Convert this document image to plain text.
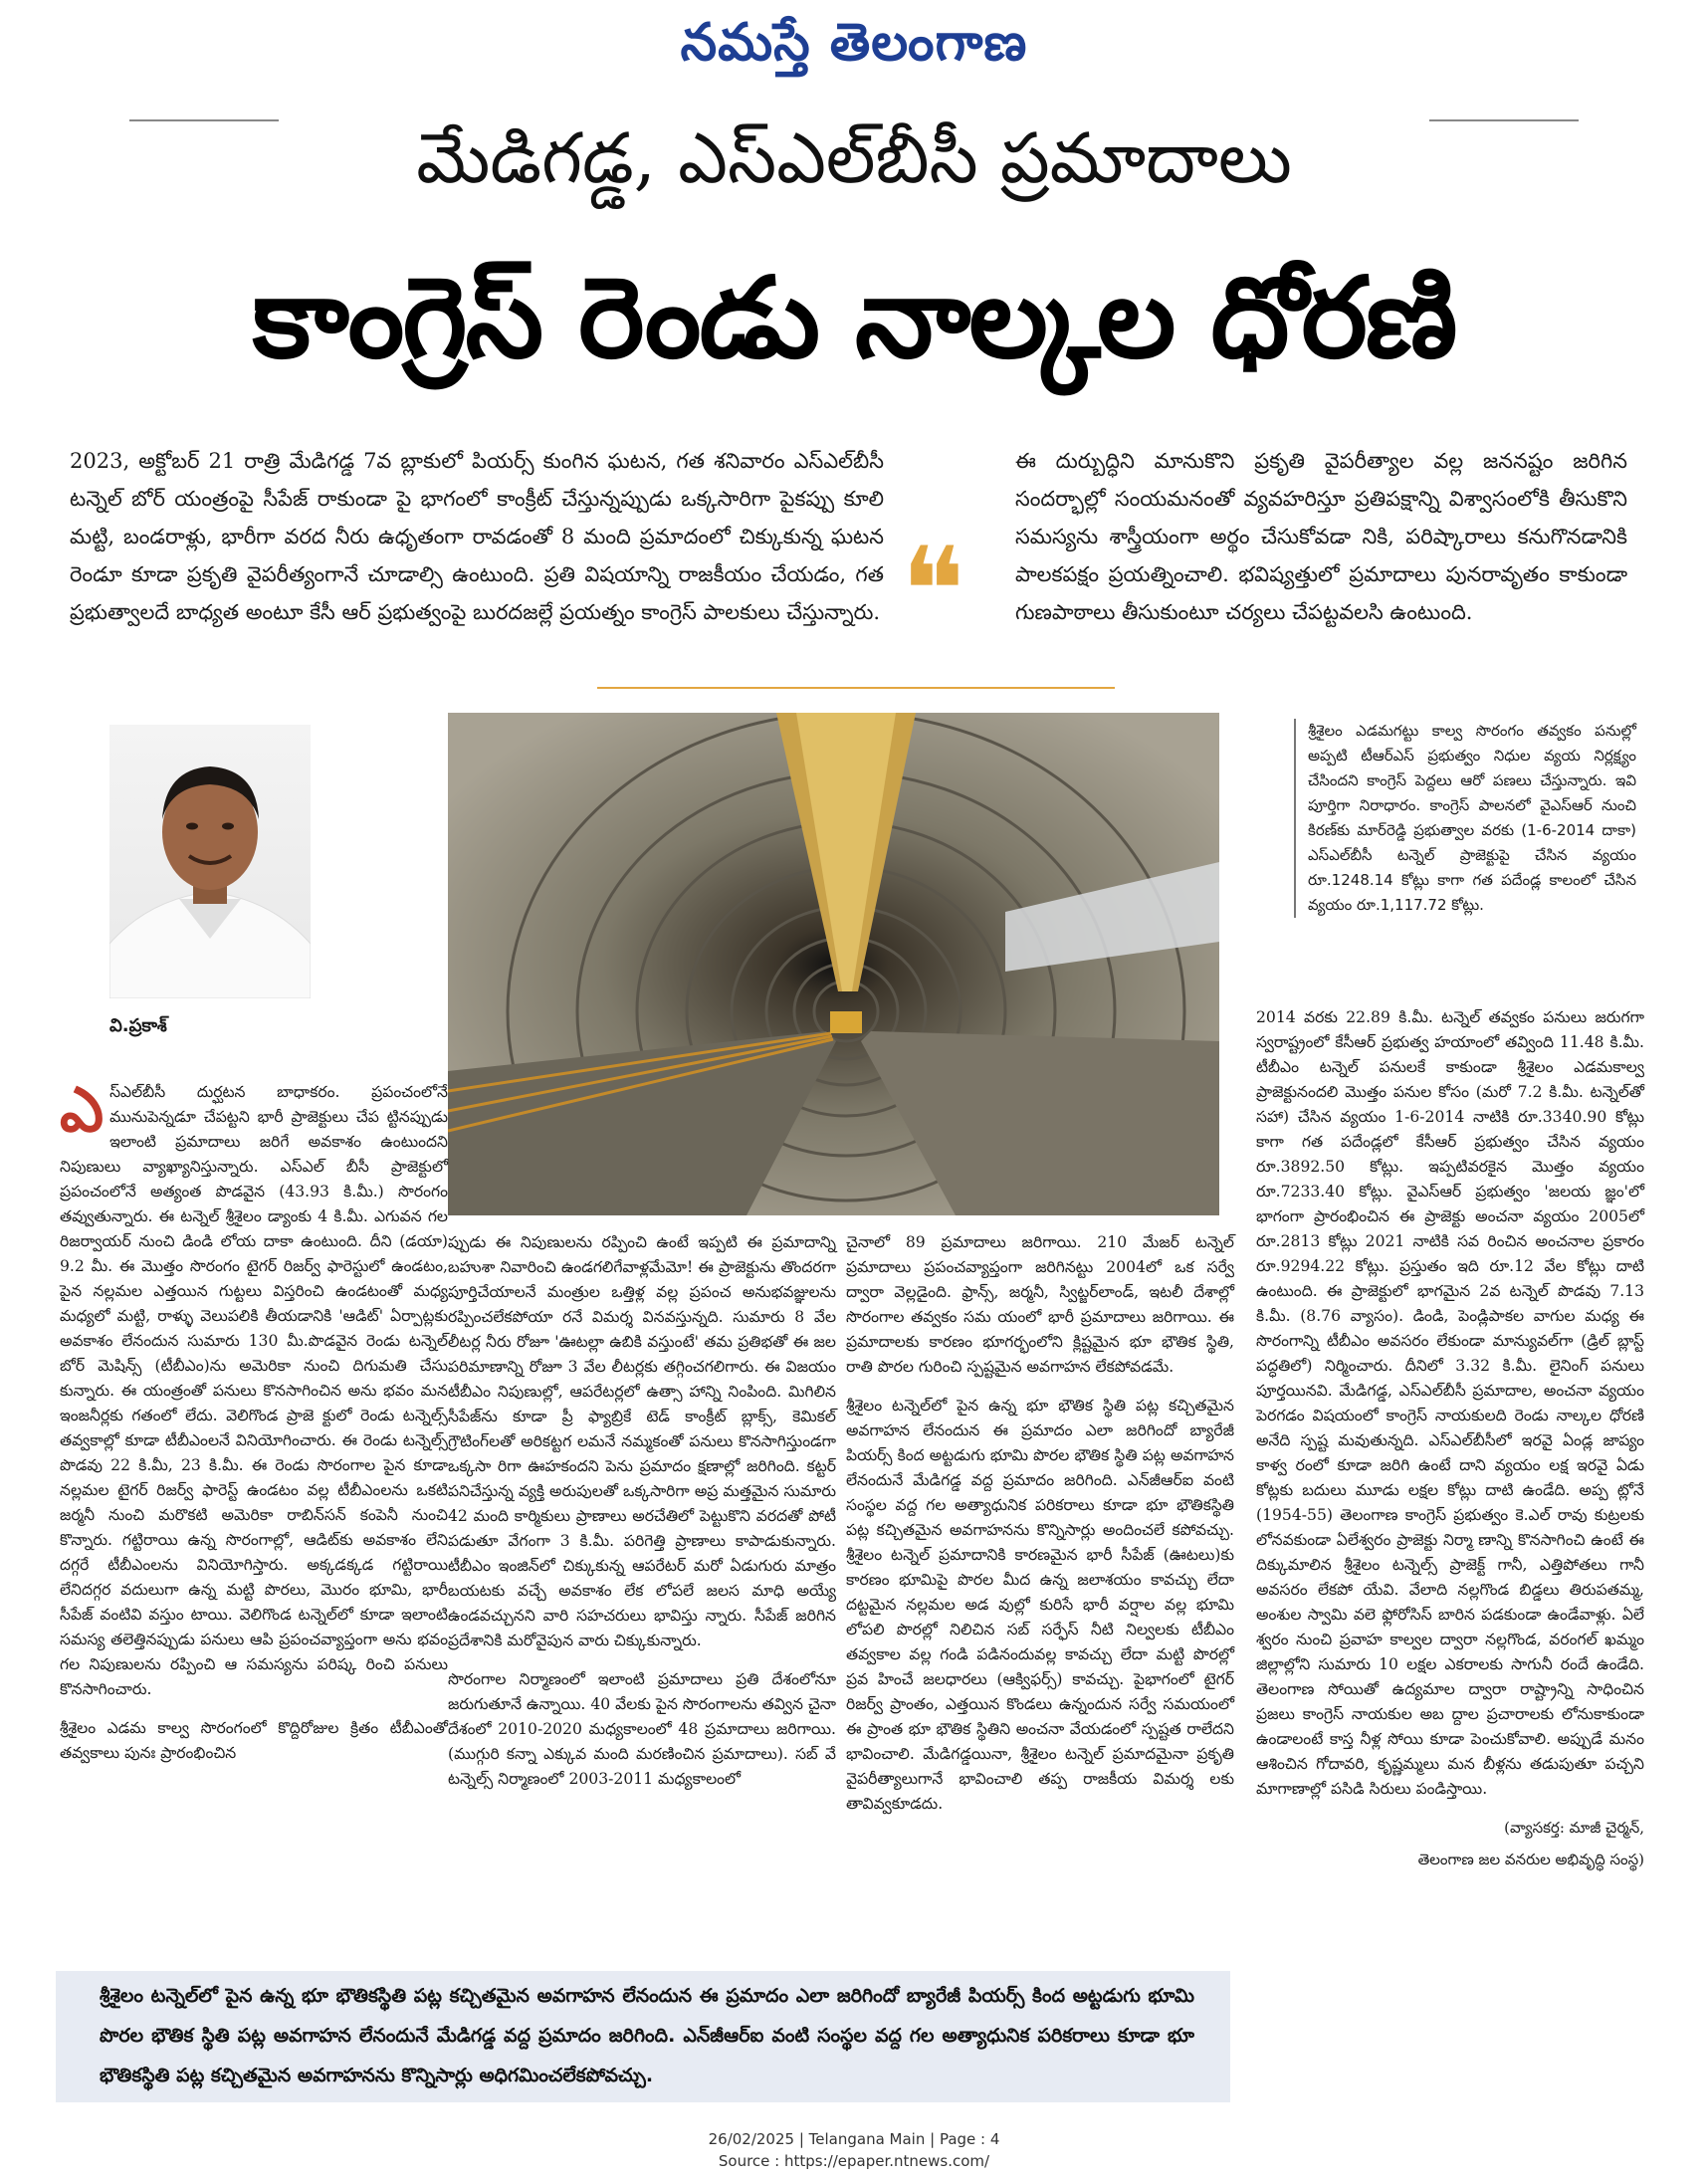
నమస్తే తెలంగాణ
మేడిగడ్డ, ఎస్‌ఎల్‌బీసీ ప్రమాదాలు
కాంగ్రెస్‌ రెండు నాల్కల ధోరణి
2023, అక్టోబర్‌ 21 రాత్రి మేడిగడ్డ 7వ బ్లాకులో పియర్స్‌ కుంగిన ఘటన, గత శనివారం ఎస్‌ఎల్‌బీసీ టన్నెల్‌ బోర్‌ యంత్రంపై సీపేజ్‌ రాకుండా పై భాగంలో కాంక్రీట్‌ చేస్తున్నప్పుడు ఒక్కసారిగా పైకప్పు కూలి మట్టి, బండరాళ్లు, భారీగా వరద నీరు ఉధృతంగా రావడంతో 8 మంది ప్రమాదంలో చిక్కుకున్న ఘటన రెండూ కూడా ప్రకృతి వైపరీత్యంగానే చూడాల్సి ఉంటుంది. ప్రతి విషయాన్ని రాజకీయం చేయడం, గత ప్రభుత్వాలదే బాధ్యత అంటూ కేసీ ఆర్‌ ప్రభుత్వంపై బురదజల్లే ప్రయత్నం కాంగ్రెస్‌ పాలకులు చేస్తున్నారు. ❝
ఈ దుర్బుద్ధిని మానుకొని ప్రకృతి వైపరీత్యాల వల్ల జననష్టం జరిగిన సందర్భాల్లో సంయమనంతో వ్యవహరిస్తూ ప్రతిపక్షాన్ని విశ్వాసంలోకి తీసుకొని సమస్యను శాస్త్రీయంగా అర్థం చేసుకోవడా నికి, పరిష్కారాలు కనుగొనడానికి పాలకపక్షం ప్రయత్నించాలి. భవిష్యత్తులో ప్రమాదాలు పునరావృతం కాకుండా గుణపాఠాలు తీసుకుంటూ చర్యలు చేపట్టవలసి ఉంటుంది.
వి.ప్రకాశ్‌
ఎ స్‌ఎల్‌బీసీ దుర్ఘటన బాధాకరం. ప్రపంచంలోనే మునుపెన్నడూ చేపట్టని భారీ ప్రాజెక్టులు చేప ట్టినప్పుడు ఇలాంటి ప్రమాదాలు జరిగే అవకాశం ఉంటుందని నిపుణులు వ్యాఖ్యానిస్తున్నారు. ఎస్‌ఎల్‌ బీసీ ప్రాజెక్టులో ప్రపంచంలోనే అత్యంత పొడవైన (43.93 కి.మీ.) సొరంగం తవ్వుతున్నారు. ఈ టన్నెల్‌ శ్రీశైలం డ్యాంకు 4 కి.మీ. ఎగువన గల రిజర్వాయర్‌ నుంచి డిండి లోయ దాకా ఉంటుంది. దీని (డయా) 9.2 మీ. ఈ మొత్తం సొరంగం టైగర్‌ రిజర్వ్‌ ఫారెస్టులో ఉండటం, పైన నల్లమల ఎత్తయిన గుట్టలు విస్తరించి ఉండటంతో మధ్య మధ్యలో మట్టి, రాళ్ళు వెలుపలికి తీయడానికి 'ఆడిట్‌' ఏర్పాట్లకు అవకాశం లేనందున సుమారు 130 మీ.పొడవైన రెండు టన్నెల్‌ బోర్‌ మెషిన్స్‌ (టీబీఎం)ను అమెరికా నుంచి దిగుమతి చేసు కున్నారు. ఈ యంత్రంతో పనులు కొనసాగించిన అను భవం మన ఇంజనీర్లకు గతంలో లేదు. వెలిగొండ ప్రాజె క్టులో రెండు టన్నెల్స్‌ తవ్వకాల్లో కూడా టీబీఎంలనే వినియోగించారు. ఈ రెండు టన్నెల్స్‌ పొడవు 22 కి.మీ, 23 కి.మీ. ఈ రెండు సొరంగాల పైన కూడా నల్లమల టైగర్‌ రిజర్వ్‌ ఫారెస్ట్‌ ఉండటం వల్ల టీబీఎంలను ఒకటి జర్మనీ నుంచి మరొకటి అమెరికా రాబిన్‌సన్‌ కంపెనీ నుంచి కొన్నారు. గట్టిరాయి ఉన్న సొరంగాల్లో, ఆడిట్‌కు అవకాశం లేని దగ్గరే టీబీఎంలను వినియోగిస్తారు. అక్కడక్కడ గట్టిరాయి లేనిదగ్గర వదులుగా ఉన్న మట్టి పొరలు, మొరం భూమి, భారీ సీపేజ్‌ వంటివి వస్తుం టాయి. వెలిగొండ టన్నెల్‌లో కూడా ఇలాంటి సమస్య తలెత్తినప్పుడు పనులు ఆపి ప్రపంచవ్యాప్తంగా అను భవం గల నిపుణులను రప్పించి ఆ సమస్యను పరిష్క రించి పనులు కొనసాగించారు.

శ్రీశైలం ఎడమ కాల్వ సొరంగంలో కొద్దిరోజుల క్రితం టీబీఎంతో తవ్వకాలు పునః ప్రారంభించిన

ప్పుడు ఈ నిపుణులను రప్పించి ఉంటే ఇప్పటి ఈ ప్రమాదాన్ని బహుశా నివారించి ఉండగలిగేవాళ్లమేమో! ఈ ప్రాజెక్టును తొందరగా పూర్తిచేయాలనే మంత్రుల ఒత్తిళ్ల వల్ల ప్రపంచ అనుభవజ్ఞులను రప్పించలేకపోయా రనే విమర్శ వినవస్తున్నది. సుమారు 8 వేల లీటర్ల నీరు రోజూ 'ఊటల్లా ఉబికి వస్తుంటే' తమ ప్రతిభతో ఈ జల పరిమాణాన్ని రోజూ 3 వేల లీటర్లకు తగ్గించగలిగారు. ఈ విజయం టీబీఎం నిపుణుల్లో, ఆపరేటర్లలో ఉత్సా హాన్ని నింపింది. మిగిలిన సీపేజ్‌ను కూడా ప్రీ ఫ్యాబ్రికే టెడ్‌ కాంక్రీట్‌ బ్లాక్స్‌, కెమికల్‌ గ్రౌటింగ్‌లతో అరికట్టగ లమనే నమ్మకంతో పనులు కొనసాగిస్తుండగా ఒక్కసా రిగా ఊహకందని పెను ప్రమాదం క్షణాల్లో జరిగింది. కట్టర్‌ పనిచేస్తున్న వ్యక్తి అరుపులతో ఒక్కసారిగా అప్ర మత్తమైన సుమారు 42 మంది కార్మికులు ప్రాణాలు అరచేతిలో పెట్టుకొని వరదతో పోటీ పడుతూ వేగంగా 3 కి.మీ. పరిగెత్తి ప్రాణాలు కాపాడుకున్నారు. టీబీఎం ఇంజిన్‌లో చిక్కుకున్న ఆపరేటర్‌ మరో ఏడుగురు మాత్రం బయటకు వచ్చే అవకాశం లేక లోపలే జలస మాధి అయ్యే ఉండవచ్చునని వారి సహచరులు భావిస్తు న్నారు. సీపేజ్‌ జరిగిన ప్రదేశానికి మరోవైపున వారు చిక్కుకున్నారు.

సొరంగాల నిర్మాణంలో ఇలాంటి ప్రమాదాలు ప్రతి దేశంలోనూ జరుగుతూనే ఉన్నాయి. 40 వేలకు పైన సొరంగాలను తవ్విన చైనా దేశంలో 2010-2020 మధ్యకాలంలో 48 ప్రమాదాలు జరిగాయి. (ముగ్గురి కన్నా ఎక్కువ మంది మరణించిన ప్రమాదాలు). సబ్‌ వే టన్నెల్స్‌ నిర్మాణంలో 2003-2011 మధ్యకాలంలో

చైనాలో 89 ప్రమాదాలు జరిగాయి. 210 మేజర్‌ టన్నెల్‌ ప్రమాదాలు ప్రపంచవ్యాప్తంగా జరిగినట్టు 2004లో ఒక సర్వే ద్వారా వెల్లడైంది. ఫ్రాన్స్‌, జర్మనీ, స్విట్జర్‌లాండ్‌, ఇటలీ దేశాల్లో సొరంగాల తవ్వకం సమ యంలో భారీ ప్రమాదాలు జరిగాయి. ఈ ప్రమాదాలకు కారణం భూగర్భంలోని క్లిష్టమైన భూ భౌతిక స్థితి, రాతి పొరల గురించి స్పష్టమైన అవగాహన లేకపోవడమే.

శ్రీశైలం టన్నెల్‌లో పైన ఉన్న భూ భౌతిక స్థితి పట్ల కచ్చితమైన అవగాహన లేనందున ఈ ప్రమాదం ఎలా జరిగిందో బ్యారేజీ పియర్స్‌ కింద అట్టడుగు భూమి పొరల భౌతిక స్థితి పట్ల అవగాహన లేనందునే మేడిగడ్డ వద్ద ప్రమాదం జరిగింది. ఎన్‌జీఆర్‌ఐ వంటి సంస్థల వద్ద గల అత్యాధునిక పరికరాలు కూడా భూ భౌతికస్థితి పట్ల కచ్చితమైన అవగాహనను కొన్నిసార్లు అందించలే కపోవచ్చు. శ్రీశైలం టన్నెల్‌ ప్రమాదానికి కారణమైన భారీ సీపేజ్‌ (ఊటలు)కు కారణం భూమిపై పొరల మీద ఉన్న జలాశయం కావచ్చు లేదా దట్టమైన నల్లమల అడ వుల్లో కురిసే భారీ వర్షాల వల్ల భూమి లోపలి పొరల్లో నిలిచిన సబ్‌ సర్ఫేస్‌ నీటి నిల్వలకు టీబీఎం తవ్వకాల వల్ల గండి పడినందువల్ల కావచ్చు లేదా మట్టి పొరల్లో ప్రవ హించే జలధారలు (ఆక్విఫర్స్‌) కావచ్చు. పైభాగంలో టైగర్‌ రిజర్వ్‌ ప్రాంతం, ఎత్తయిన కొండలు ఉన్నందున సర్వే సమయంలో ఈ ప్రాంత భూ భౌతిక స్థితిని అంచనా వేయడంలో స్పష్టత రాలేదని భావించాలి. మేడిగడ్డయినా, శ్రీశైలం టన్నెల్‌ ప్రమాదమైనా ప్రకృతి వైపరీత్యాలుగానే భావించాలి తప్ప రాజకీయ విమర్శ లకు తావివ్వకూడదు.

శ్రీశైలం ఎడమగట్టు కాల్వ సొరంగం తవ్వకం పనుల్లో అప్పటి టీఆర్‌ఎస్‌ ప్రభుత్వం నిధుల వ్యయ నిర్లక్ష్యం చేసిందని కాంగ్రెస్‌ పెద్దలు ఆరో పణలు చేస్తున్నారు. ఇవి పూర్తిగా నిరాధారం. కాంగ్రెస్‌ పాలనలో వైఎస్‌ఆర్‌ నుంచి కిరణ్‌కు మార్‌రెడ్డి ప్రభుత్వాల వరకు (1-6-2014 దాకా) ఎస్‌ఎల్‌బీసీ టన్నెల్‌ ప్రాజెక్టుపై చేసిన వ్యయం రూ.1248.14 కోట్లు కాగా గత పదేండ్ల కాలంలో చేసిన వ్యయం రూ.1,117.72 కోట్లు.

2014 వరకు 22.89 కి.మీ. టన్నెల్‌ తవ్వకం పనులు జరుగగా స్వరాష్ట్రంలో కేసీఆర్‌ ప్రభుత్వ హయాంలో తవ్వింది 11.48 కి.మీ. టీబీఎం టన్నెల్‌ పనులకే కాకుండా శ్రీశైలం ఎడమకాల్వ ప్రాజెక్టునందలి మొత్తం పనుల కోసం (మరో 7.2 కి.మీ. టన్నెల్‌తో సహా) చేసిన వ్యయం 1-6-2014 నాటికి రూ.3340.90 కోట్లు కాగా గత పదేండ్లలో కేసీఆర్‌ ప్రభుత్వం చేసిన వ్యయం రూ.3892.50 కోట్లు. ఇప్పటివరకైన మొత్తం వ్యయం రూ.7233.40 కోట్లు. వైఎస్‌ఆర్‌ ప్రభుత్వం 'జలయ జ్ఞం'లో భాగంగా ప్రారంభించిన ఈ ప్రాజెక్టు అంచనా వ్యయం 2005లో రూ.2813 కోట్లు 2021 నాటికి సవ రించిన అంచనాల ప్రకారం రూ.9294.22 కోట్లు. ప్రస్తుతం ఇది రూ.12 వేల కోట్లు దాటి ఉంటుంది. ఈ ప్రాజెక్టులో భాగమైన 2వ టన్నెల్‌ పొడవు 7.13 కి.మీ. (8.76 వ్యాసం). డిండి, పెండ్లిపాకల వాగుల మధ్య ఈ సొరంగాన్ని టీబీఎం అవసరం లేకుండా మాన్యువల్‌గా (డ్రిల్‌ బ్లాస్ట్‌ పద్ధతిలో) నిర్మించారు. దీనిలో 3.32 కి.మీ. లైనింగ్‌ పనులు పూర్తయినవి. మేడిగడ్డ, ఎస్‌ఎల్‌బీసీ ప్రమాదాల, అంచనా వ్యయం పెరగడం విషయంలో కాంగ్రెస్‌ నాయకులది రెండు నాల్కల ధోరణి అనేది స్పష్ట మవుతున్నది. ఎస్‌ఎల్‌బీసీలో ఇరవై ఏండ్ల జాప్యం కాళ్వ రంలో కూడా జరిగి ఉంటే దాని వ్యయం లక్ష ఇరవై ఏడు కోట్లకు బదులు మూడు లక్షల కోట్లు దాటి ఉండేది. అప్ప ట్లోనే (1954-55) తెలంగాణ కాంగ్రెస్‌ ప్రభుత్వం కె.ఎల్‌ రావు కుట్రలకు లోనవకుండా ఏలేశ్వరం ప్రాజెక్టు నిర్మా ణాన్ని కొనసాగించి ఉంటే ఈ దిక్కుమాలిన శ్రీశైలం టన్నెల్స్‌ ప్రాజెక్ట్‌ గానీ, ఎత్తిపోతలు గానీ అవసరం లేకపో యేవి. వేలాది నల్లగొండ బిడ్డలు తిరుపతమ్మ, అంశుల స్వామి వలె ఫ్లోరోసిస్‌ బారిన పడకుండా ఉండేవాళ్లు. ఏలే శ్వరం నుంచి ప్రవాహ కాల్వల ద్వారా నల్లగొండ, వరంగల్‌ ఖమ్మం జిల్లాల్లోని సుమారు 10 లక్షల ఎకరాలకు సాగునీ రందే ఉండేది. తెలంగాణ సోయితో ఉద్యమాల ద్వారా రాష్ట్రాన్ని సాధించిన ప్రజలు కాంగ్రెస్‌ నాయకుల అబ ద్దాల ప్రచారాలకు లోనుకాకుండా ఉండాలంటే కాస్త నీళ్ల సోయి కూడా పెంచుకోవాలి. అప్పుడే మనం ఆశించిన గోదావరి, కృష్ణమ్మలు మన బీళ్లను తడుపుతూ పచ్చని మాగాణాల్లో పసిడి సిరులు పండిస్తాయి.

(వ్యాసకర్త: మాజీ చైర్మన్‌,
తెలంగాణ జల వనరుల అభివృద్ధి సంస్థ)
శ్రీశైలం టన్నెల్‌లో పైన ఉన్న భూ భౌతికస్థితి పట్ల కచ్చితమైన అవగాహన లేనందున ఈ ప్రమాదం ఎలా జరిగిందో బ్యారేజీ పియర్స్‌ కింద అట్టడుగు భూమి పొరల భౌతిక స్థితి పట్ల అవగాహన లేనందునే మేడిగడ్డ వద్ద ప్రమాదం జరిగింది. ఎన్‌జీఆర్‌ఐ వంటి సంస్థల వద్ద గల అత్యాధునిక పరికరాలు కూడా భూ భౌతికస్థితి పట్ల కచ్చితమైన అవగాహనను కొన్నిసార్లు అధిగమించలేకపోవచ్చు.
26/02/2025 | Telangana Main | Page : 4
Source : https://epaper.ntnews.com/
